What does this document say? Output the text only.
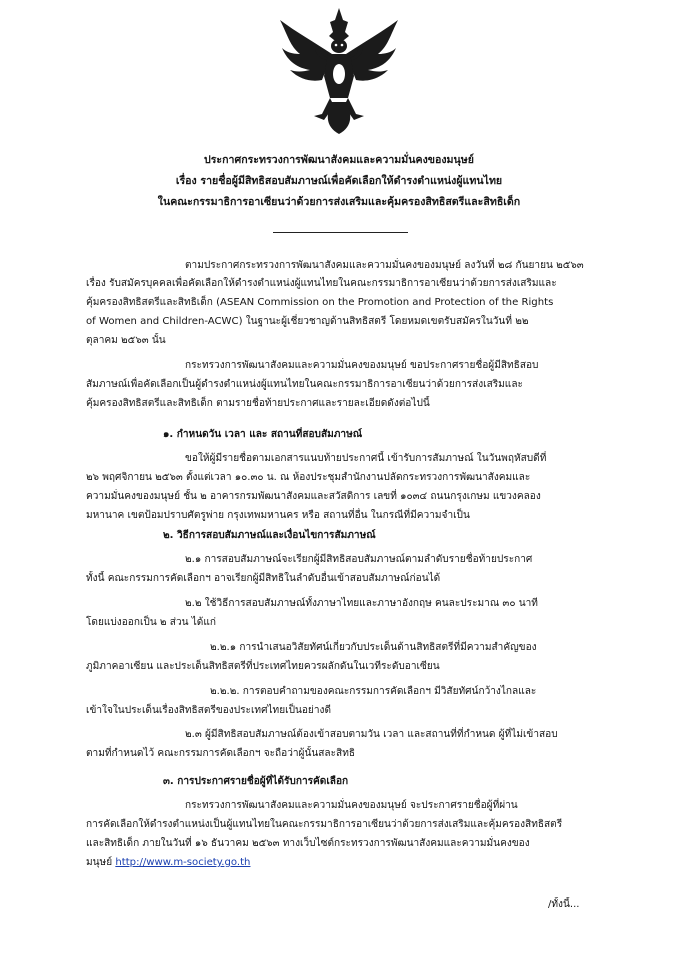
ประกาศกระทรวงการพัฒนาสังคมและความมั่นคงของมนุษย์
เรื่อง รายชื่อผู้มีสิทธิสอบสัมภาษณ์เพื่อคัดเลือกให้ดำรงตำแหน่งผู้แทนไทย
ในคณะกรรมาธิการอาเซียนว่าด้วยการส่งเสริมและคุ้มครองสิทธิสตรีและสิทธิเด็ก
ตามประกาศกระทรวงการพัฒนาสังคมและความมั่นคงของมนุษย์ ลงวันที่ ๒๘ กันยายน ๒๕๖๓
เรื่อง รับสมัครบุคคลเพื่อคัดเลือกให้ดำรงตำแหน่งผู้แทนไทยในคณะกรรมาธิการอาเซียนว่าด้วยการส่งเสริมและ
คุ้มครองสิทธิสตรีและสิทธิเด็ก (ASEAN Commission on the Promotion and Protection of the Rights
of Women and Children-ACWC) ในฐานะผู้เชี่ยวชาญด้านสิทธิสตรี โดยหมดเขตรับสมัครในวันที่ ๒๒
ตุลาคม ๒๕๖๓ นั้น
กระทรวงการพัฒนาสังคมและความมั่นคงของมนุษย์ ขอประกาศรายชื่อผู้มีสิทธิสอบ
สัมภาษณ์เพื่อคัดเลือกเป็นผู้ดำรงตำแหน่งผู้แทนไทยในคณะกรรมาธิการอาเซียนว่าด้วยการส่งเสริมและ
คุ้มครองสิทธิสตรีและสิทธิเด็ก ตามรายชื่อท้ายประกาศและรายละเอียดดังต่อไปนี้
๑. กำหนดวัน เวลา และ สถานที่สอบสัมภาษณ์
ขอให้ผู้มีรายชื่อตามเอกสารแนบท้ายประกาศนี้ เข้ารับการสัมภาษณ์ ในวันพฤหัสบดีที่
๒๖ พฤศจิกายน ๒๕๖๓ ตั้งแต่เวลา ๑๐.๓๐ น. ณ ห้องประชุมสำนักงานปลัดกระทรวงการพัฒนาสังคมและ
ความมั่นคงของมนุษย์ ชั้น ๒ อาคารกรมพัฒนาสังคมและสวัสดิการ เลขที่ ๑๐๓๔ ถนนกรุงเกษม แขวงคลอง
มหานาค เขตป้อมปราบศัตรูพ่าย กรุงเทพมหานคร หรือ สถานที่อื่น ในกรณีที่มีความจำเป็น
๒. วิธีการสอบสัมภาษณ์และเงื่อนไขการสัมภาษณ์
๒.๑ การสอบสัมภาษณ์จะเรียกผู้มีสิทธิสอบสัมภาษณ์ตามลำดับรายชื่อท้ายประกาศ
ทั้งนี้ คณะกรรมการคัดเลือกฯ อาจเรียกผู้มีสิทธิในลำดับอื่นเข้าสอบสัมภาษณ์ก่อนได้
๒.๒ ใช้วิธีการสอบสัมภาษณ์ทั้งภาษาไทยและภาษาอังกฤษ คนละประมาณ ๓๐ นาที
โดยแบ่งออกเป็น ๒ ส่วน ได้แก่
๒.๒.๑ การนำเสนอวิสัยทัศน์เกี่ยวกับประเด็นด้านสิทธิสตรีที่มีความสำคัญของ
ภูมิภาคอาเซียน และประเด็นสิทธิสตรีที่ประเทศไทยควรผลักดันในเวทีระดับอาเซียน
๒.๒.๒. การตอบคำถามของคณะกรรมการคัดเลือกฯ มีวิสัยทัศน์กว้างไกลและ
เข้าใจในประเด็นเรื่องสิทธิสตรีของประเทศไทยเป็นอย่างดี
๒.๓ ผู้มีสิทธิสอบสัมภาษณ์ต้องเข้าสอบตามวัน เวลา และสถานที่ที่กำหนด ผู้ที่ไม่เข้าสอบ
ตามที่กำหนดไว้ คณะกรรมการคัดเลือกฯ จะถือว่าผู้นั้นสละสิทธิ
๓. การประกาศรายชื่อผู้ที่ได้รับการคัดเลือก
กระทรวงการพัฒนาสังคมและความมั่นคงของมนุษย์ จะประกาศรายชื่อผู้ที่ผ่าน
การคัดเลือกให้ดำรงตำแหน่งเป็นผู้แทนไทยในคณะกรรมาธิการอาเซียนว่าด้วยการส่งเสริมและคุ้มครองสิทธิสตรี
และสิทธิเด็ก ภายในวันที่ ๑๖ ธันวาคม ๒๕๖๓ ทางเว็บไซต์กระทรวงการพัฒนาสังคมและความมั่นคงของ
มนุษย์ http://www.m-society.go.th
/ทั้งนี้...
